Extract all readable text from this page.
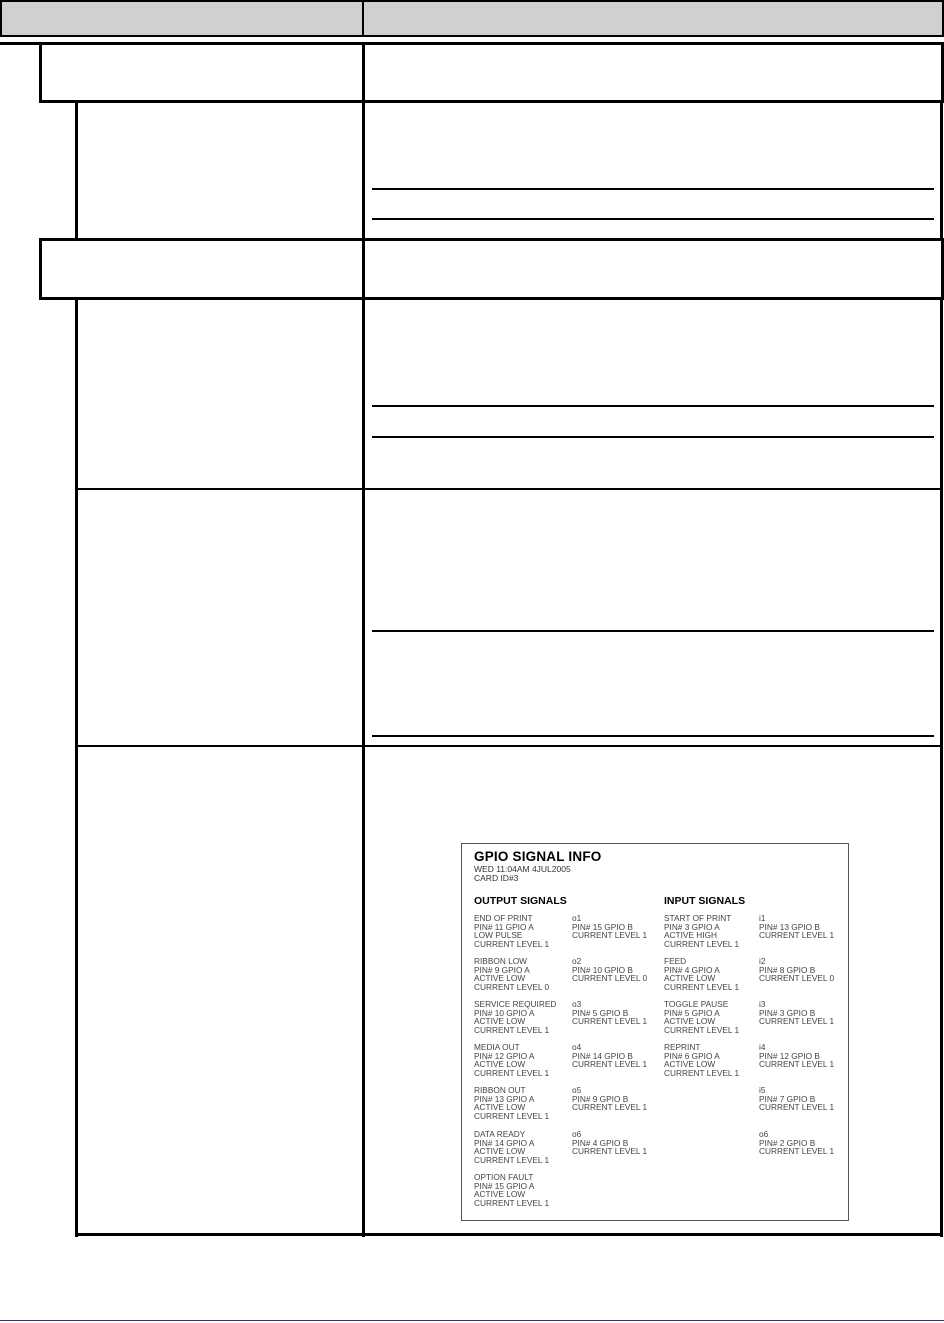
GPIO SIGNAL INFO
WED 11:04AM 4JUL2005
CARD ID#3
OUTPUT SIGNALS	INPUT SIGNALS
END OF PRINT
PIN# 11 GPIO A
LOW PULSE
CURRENT LEVEL 1
o1
PIN# 15 GPIO B
CURRENT LEVEL 1
RIBBON LOW
PIN# 9 GPIO A
ACTIVE LOW
CURRENT LEVEL 0
o2
PIN# 10 GPIO B
CURRENT LEVEL 0
SERVICE REQUIRED
PIN# 10 GPIO A
ACTIVE LOW
CURRENT LEVEL 1
o3
PIN# 5 GPIO B
CURRENT LEVEL 1
MEDIA OUT
PIN# 12 GPIO A
ACTIVE LOW
CURRENT LEVEL 1
o4
PIN# 14 GPIO B
CURRENT LEVEL 1
RIBBON OUT
PIN# 13 GPIO A
ACTIVE LOW
CURRENT LEVEL 1
o5
PIN# 9 GPIO B
CURRENT LEVEL 1
DATA READY
PIN# 14 GPIO A
ACTIVE LOW
CURRENT LEVEL 1
o6
PIN# 4 GPIO B
CURRENT LEVEL 1
OPTION FAULT
PIN# 15 GPIO A
ACTIVE LOW
CURRENT LEVEL 1
START OF PRINT
PIN# 3 GPIO A
ACTIVE HIGH
CURRENT LEVEL 1
i1
PIN# 13 GPIO B
CURRENT LEVEL 1
FEED
PIN# 4 GPIO A
ACTIVE LOW
CURRENT LEVEL 1
i2
PIN# 8 GPIO B
CURRENT LEVEL 0
TOGGLE PAUSE
PIN# 5 GPIO A
ACTIVE LOW
CURRENT LEVEL 1
i3
PIN# 3 GPIO B
CURRENT LEVEL 1
REPRINT
PIN# 6 GPIO A
ACTIVE LOW
CURRENT LEVEL 1
i4
PIN# 12 GPIO B
CURRENT LEVEL 1
i5
PIN# 7 GPIO B
CURRENT LEVEL 1
o6
PIN# 2 GPIO B
CURRENT LEVEL 1
